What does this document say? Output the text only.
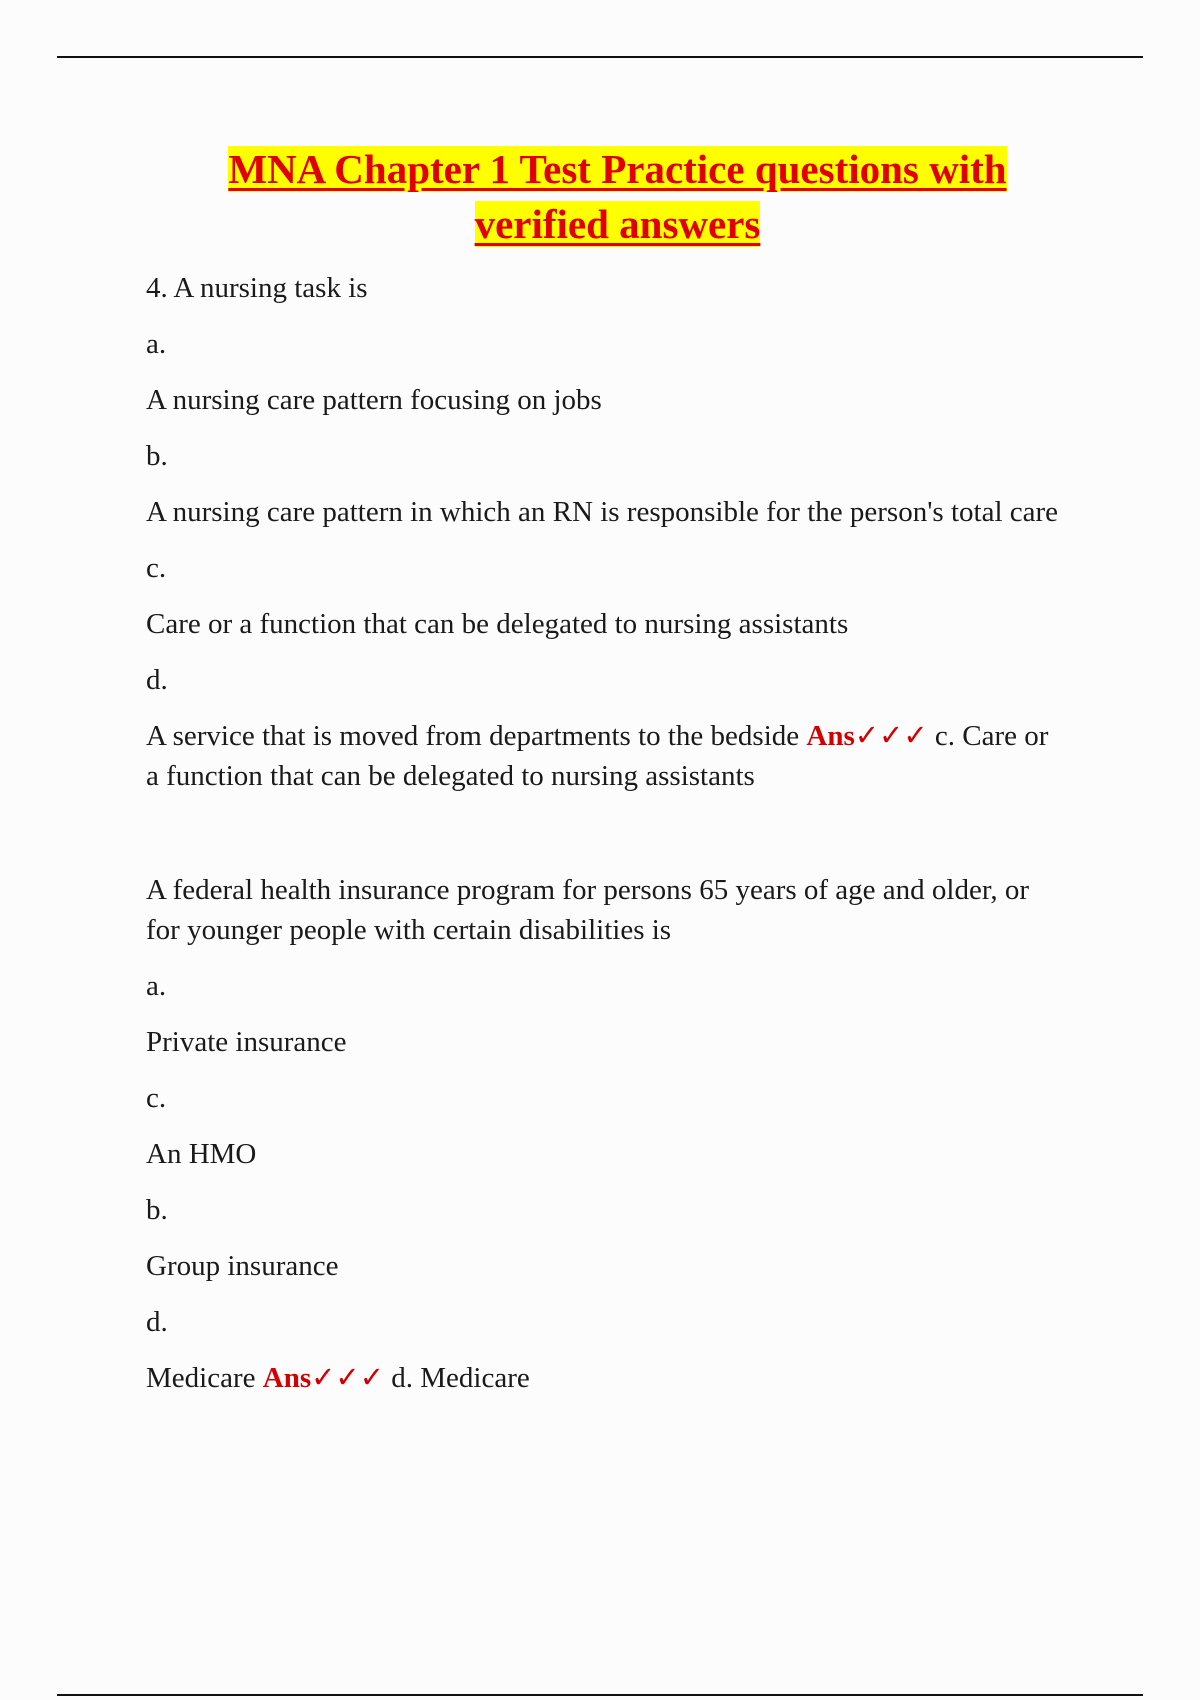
MNA Chapter 1 Test Practice questions with
verified answers

4. A nursing task is

a.

A nursing care pattern focusing on jobs

b.

A nursing care pattern in which an RN is responsible for the person's total care

c.

Care or a function that can be delegated to nursing assistants

d.

A service that is moved from departments to the bedside Ans✓✓✓ c. Care or a function that can be delegated to nursing assistants

A federal health insurance program for persons 65 years of age and older, or for younger people with certain disabilities is

a.

Private insurance

c.

An HMO

b.

Group insurance

d.

Medicare Ans✓✓✓ d. Medicare
